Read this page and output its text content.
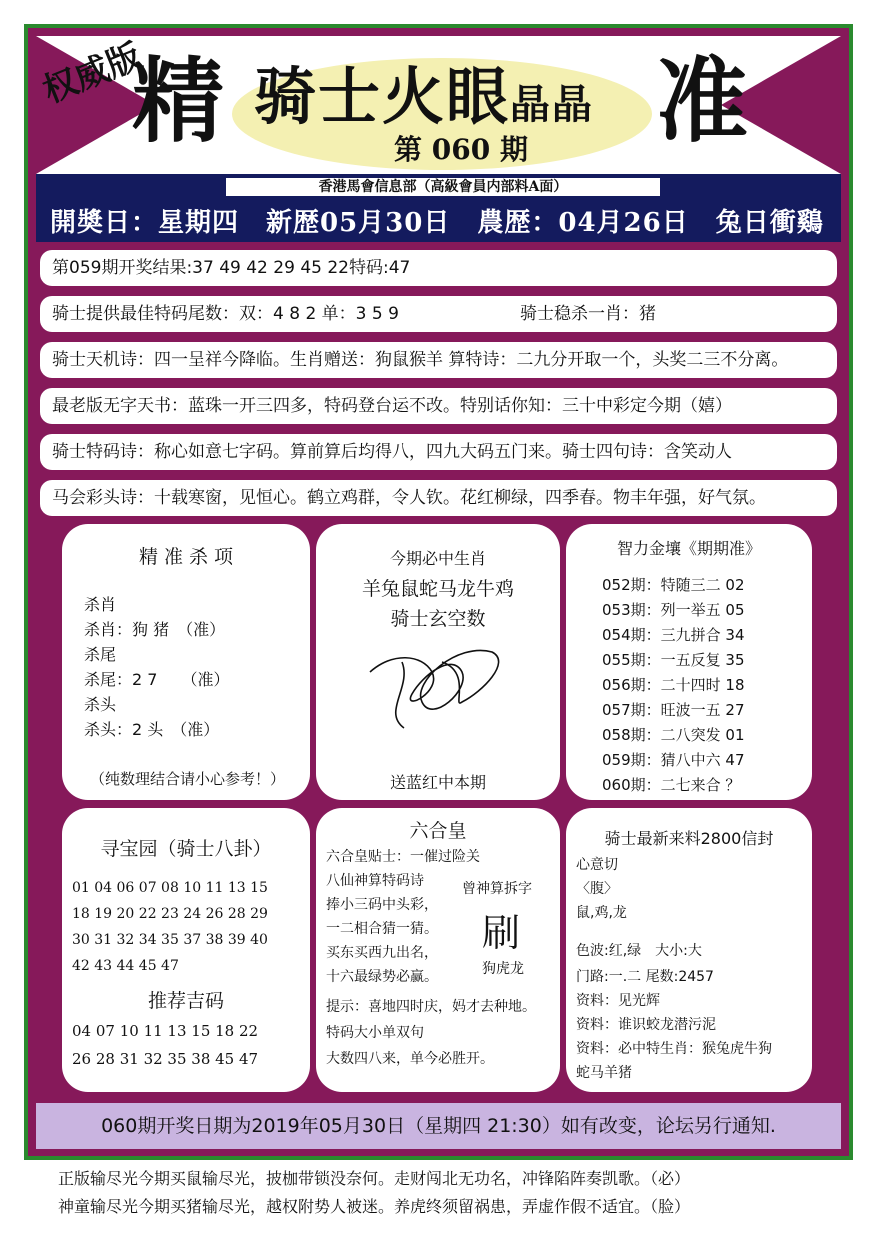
权威版
精	准
骑士火眼晶晶
第 060 期
香港馬會信息部（高級會員内部料A面）
開奬日：星期四　新歴05月30日　農歴：04月26日　兔日衝鷄
第059期开奖结果:37 49 42 29 45 22特码:47
骑士提供最佳特码尾数：双：4 8 2 单：3 5 9	骑士稳杀一肖：猪
骑士天机诗：四一呈祥今降临。生肖赠送：狗鼠猴羊 算特诗：二九分开取一个，头奖二三不分离。
最老版无字天书：蓝珠一开三四多，特码登台运不改。特别话你知：三十中彩定今期（嬉）
骑士特码诗：称心如意七字码。算前算后均得八，四九大码五门来。骑士四句诗：含笑动人
马会彩头诗：十载寒窗，见恒心。鹤立鸡群，令人钦。花红柳绿，四季春。物丰年强，好气氛。
精 准 杀 项
杀肖
杀肖：狗 猪　（准）
杀尾
杀尾：2 7　　（准）
杀头
杀头：2 头　（准）
（纯数理结合请小心参考！）
今期必中生肖
羊兔鼠蛇马龙牛鸡
骑士玄空数
送蓝红中本期
智力金壤《期期准》
052期：特随三二 02
053期：列一举五 05
054期：三九拼合 34
055期：一五反复 35
056期：二十四时 18
057期：旺波一五 27
058期：二八突发 01
059期：猜八中六 47
060期：二七来合 ？
寻宝园（骑士八卦）
01 04 06 07 08 10 11 13 15
18 19 20 22 23 24 26 28 29
30 31 32 34 35 37 38 39 40
42 43 44 45 47
推荐吉码
04 07 10 11 13 15 18 22
26 28 31 32 35 38 45 47
六合皇
六合皇贴士：一催过险关
八仙神算特码诗
捧小三码中头彩，
一二相合猜一猜。
买东买西九出名，
十六最绿势必赢。
曾神算拆字
刷
狗虎龙
提示：喜地四时庆，妈才去种地。
特码大小单双句
大数四八来，单今必胜开。
骑士最新来料2800信封
心意切
〈腹〉
鼠,鸡,龙
色波:红,绿　大小:大
门路:一.二 尾数:2457
资料：见光辉
资料：谁识蛟龙潜污泥
资料：必中特生肖：猴兔虎牛狗
蛇马羊猪
060期开奖日期为2019年05月30日（星期四 21:30）如有改变，论坛另行通知.
正版输尽光今期买鼠输尽光，披枷带锁没奈何。走财闯北无功名，冲锋陷阵奏凯歌。（必）
神童输尽光今期买猪输尽光，越权附势人被迷。养虎终须留祸患，弄虚作假不适宜。（脸）
